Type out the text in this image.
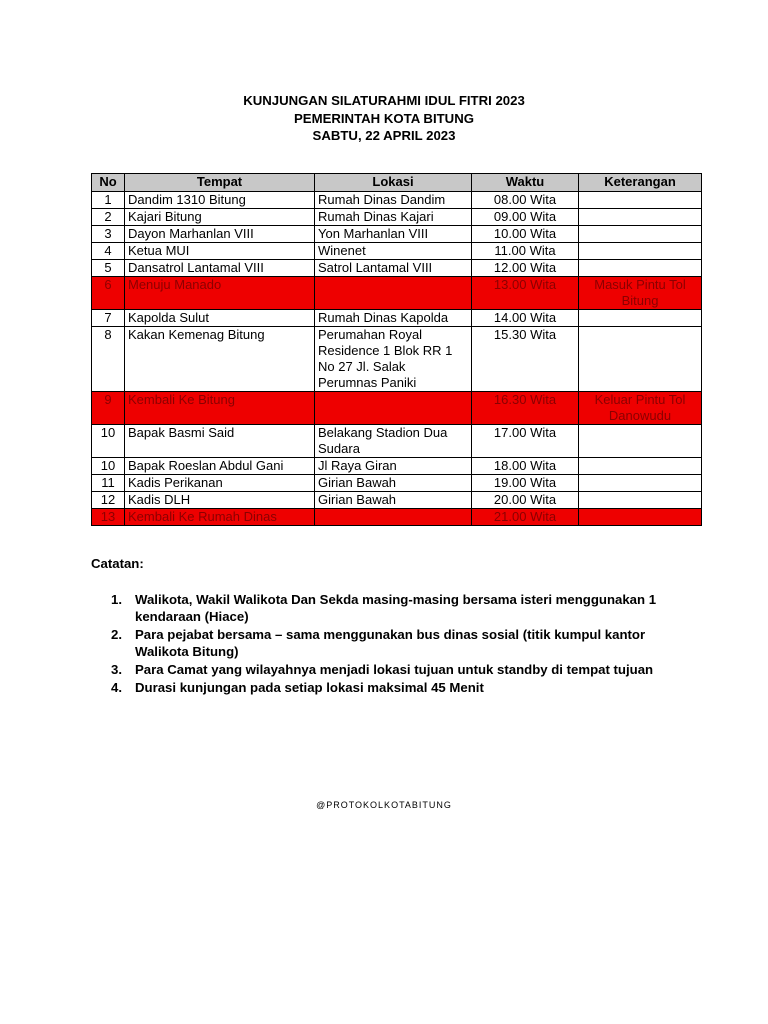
KUNJUNGAN SILATURAHMI IDUL FITRI 2023
PEMERINTAH KOTA BITUNG
SABTU, 22 APRIL 2023
No	Tempat	Lokasi	Waktu	Keterangan
1	Dandim 1310 Bitung	Rumah Dinas Dandim	08.00 Wita	
2	Kajari Bitung	Rumah Dinas Kajari	09.00 Wita	
3	Dayon Marhanlan VIII	Yon Marhanlan VIII	10.00 Wita	
4	Ketua MUI	Winenet	11.00 Wita	
5	Dansatrol Lantamal VIII	Satrol Lantamal VIII	12.00 Wita	
6	Menuju Manado		13.00 Wita	Masuk Pintu Tol Bitung
7	Kapolda Sulut	Rumah Dinas Kapolda	14.00 Wita	
8	Kakan Kemenag Bitung	Perumahan Royal Residence 1 Blok RR 1 No 27 Jl. Salak Perumnas Paniki	15.30 Wita	
9	Kembali Ke Bitung		16.30 Wita	Keluar Pintu Tol Danowudu
10	Bapak Basmi Said	Belakang Stadion Dua Sudara	17.00 Wita	
10	Bapak Roeslan Abdul Gani	Jl Raya Giran	18.00 Wita	
11	Kadis Perikanan	Girian Bawah	19.00 Wita	
12	Kadis DLH	Girian Bawah	20.00 Wita	
13	Kembali Ke Rumah Dinas		21.00 Wita	
Catatan:
1. Walikota, Wakil Walikota Dan Sekda masing-masing bersama isteri menggunakan 1 kendaraan (Hiace)
2. Para pejabat bersama – sama menggunakan bus dinas sosial (titik kumpul kantor Walikota Bitung)
3. Para Camat yang wilayahnya menjadi lokasi tujuan untuk standby di tempat tujuan
4. Durasi kunjungan pada setiap lokasi maksimal 45 Menit
@PROTOKOLKOTABITUNG
